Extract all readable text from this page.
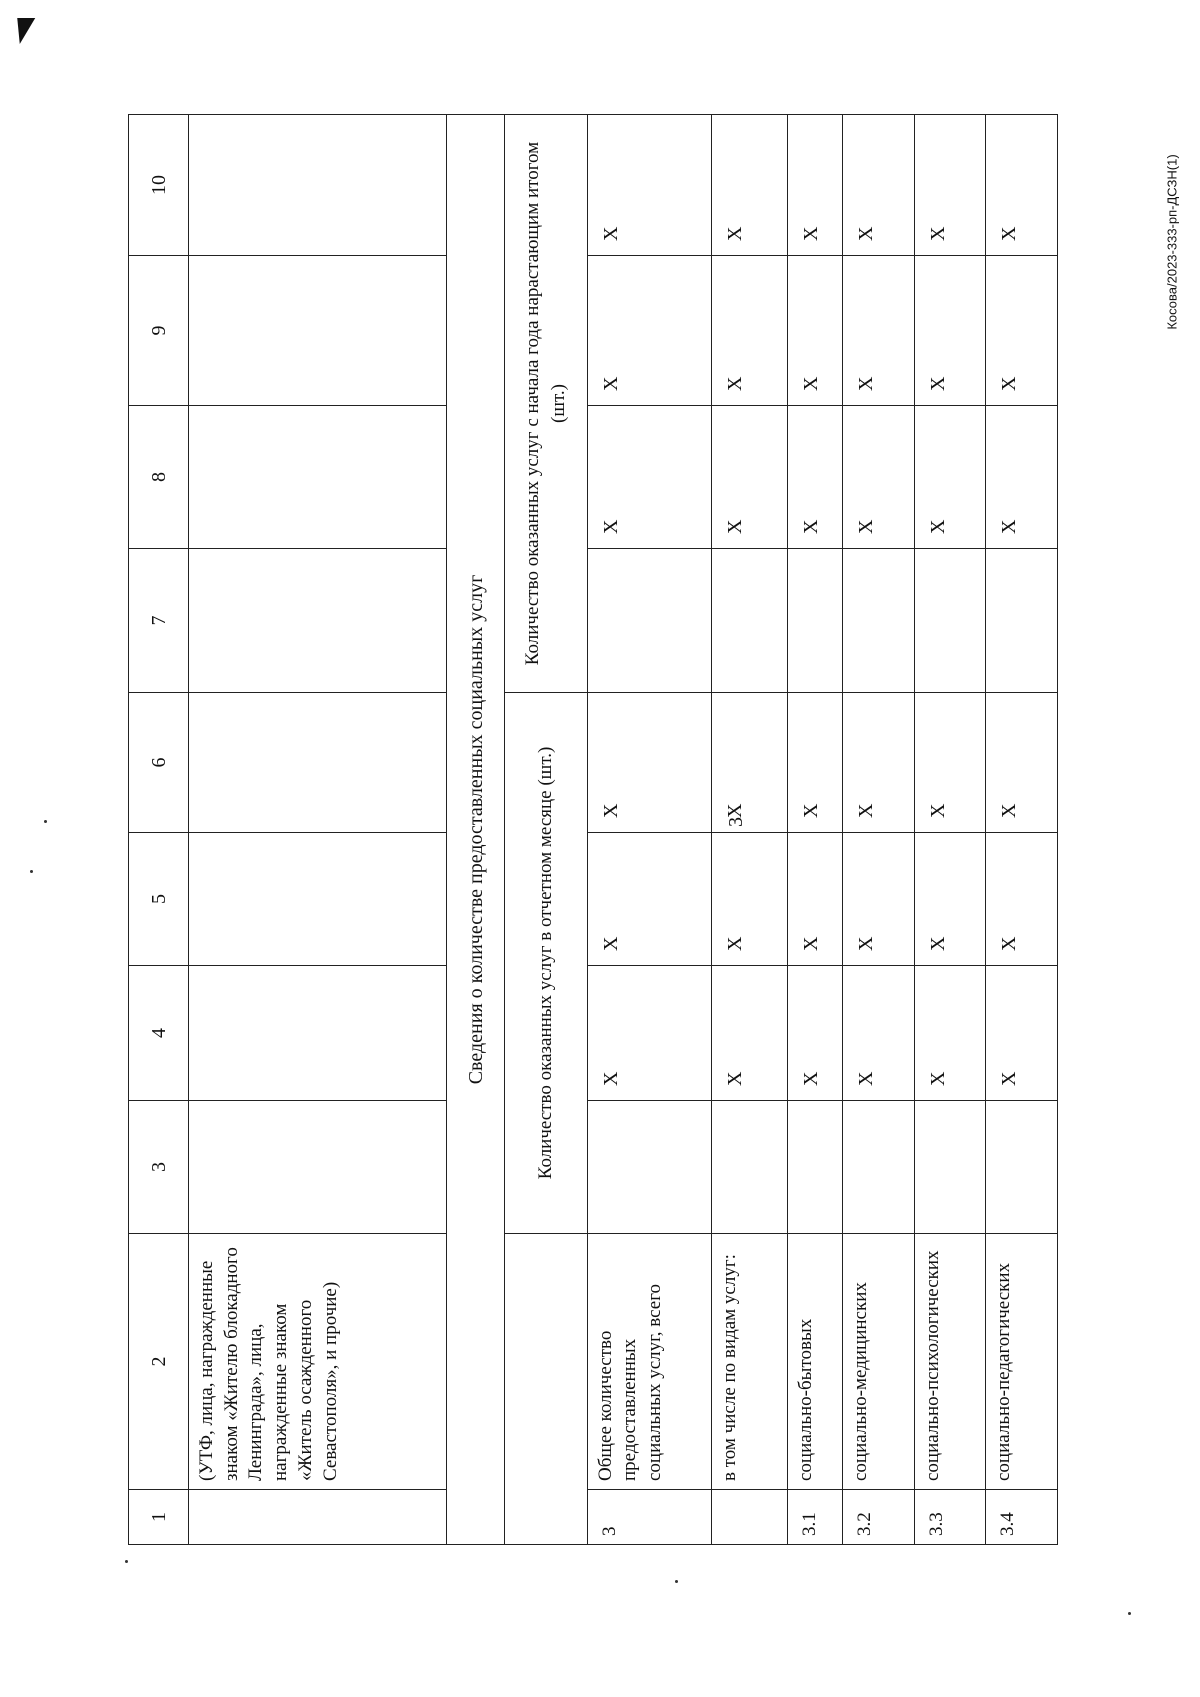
3
Косова/2023-333-рп-ДСЗН(1)
1	2	3	4	5	6	7	8	9	10
	(УТФ, лица, награжденные знаком «Жителю блокадного Ленинграда», лица, награжденные знаком «Житель осажденного Севастополя», и прочие)								
Сведения о количестве предоставленных социальных услуг									
		Количество оказанных услуг в отчетном месяце (шт.)				Количество оказанных услуг с начала года нарастающим итогом (шт.)			
3	Общее количество предоставленных социальных услуг, всего		X	X	X		X	X	X
	в том числе по видам услуг:		X	X	X		X	X	X
3.1	социально-бытовых		X	X	X		X	X	X
3.2	социально-медицинских		X	X	X		X	X	X
3.3	социально-психологических		X	X	X		X	X	X
3.4	социально-педагогических		X	X	X		X	X	X
